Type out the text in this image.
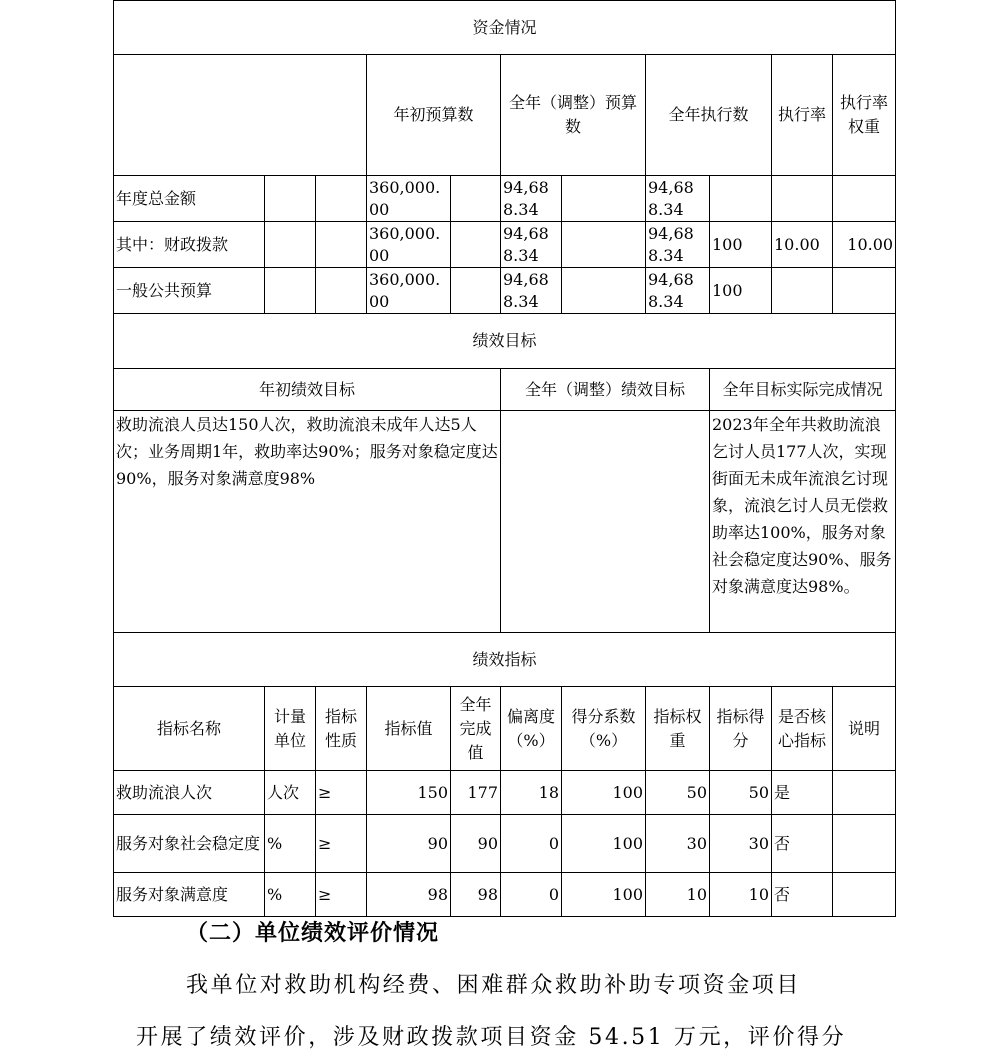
资金情况											
			年初预算数		全年（调整）预算数		全年执行数		执行率	执行率权重	
年度总金额			360,000.00		94,688.34		94,688.34				
其中：财政拨款			360,000.00		94,688.34		94,688.34	100	10.00	10.00	
一般公共预算			360,000.00		94,688.34		94,688.34	100			
绩效目标											
年初绩效目标					全年（调整）绩效目标			全年目标实际完成情况			
救助流浪人员达150人次，救助流浪未成年人达5人次；业务周期1年，救助率达90%；服务对象稳定度达90%，服务对象满意度98%								2023年全年共救助流浪乞讨人员177人次，实现街面无未成年流浪乞讨现象，流浪乞讨人员无偿救助率达100%，服务对象社会稳定度达90%、服务对象满意度达98%。			
绩效指标											
指标名称	计量单位	指标性质	指标值	全年完成值	偏离度（%）	得分系数（%）	指标权重	指标得分	是否核心指标	说明	
救助流浪人次	人次	≥	150	177	18	100	50	50	是		
服务对象社会稳定度	%	≥	90	90	0	100	30	30	否		
服务对象满意度	%	≥	98	98	0	100	10	10	否		
（二）单位绩效评价情况
我单位对救助机构经费、困难群众救助补助专项资金项目
开展了绩效评价，涉及财政拨款项目资金 54.51 万元，评价得分
